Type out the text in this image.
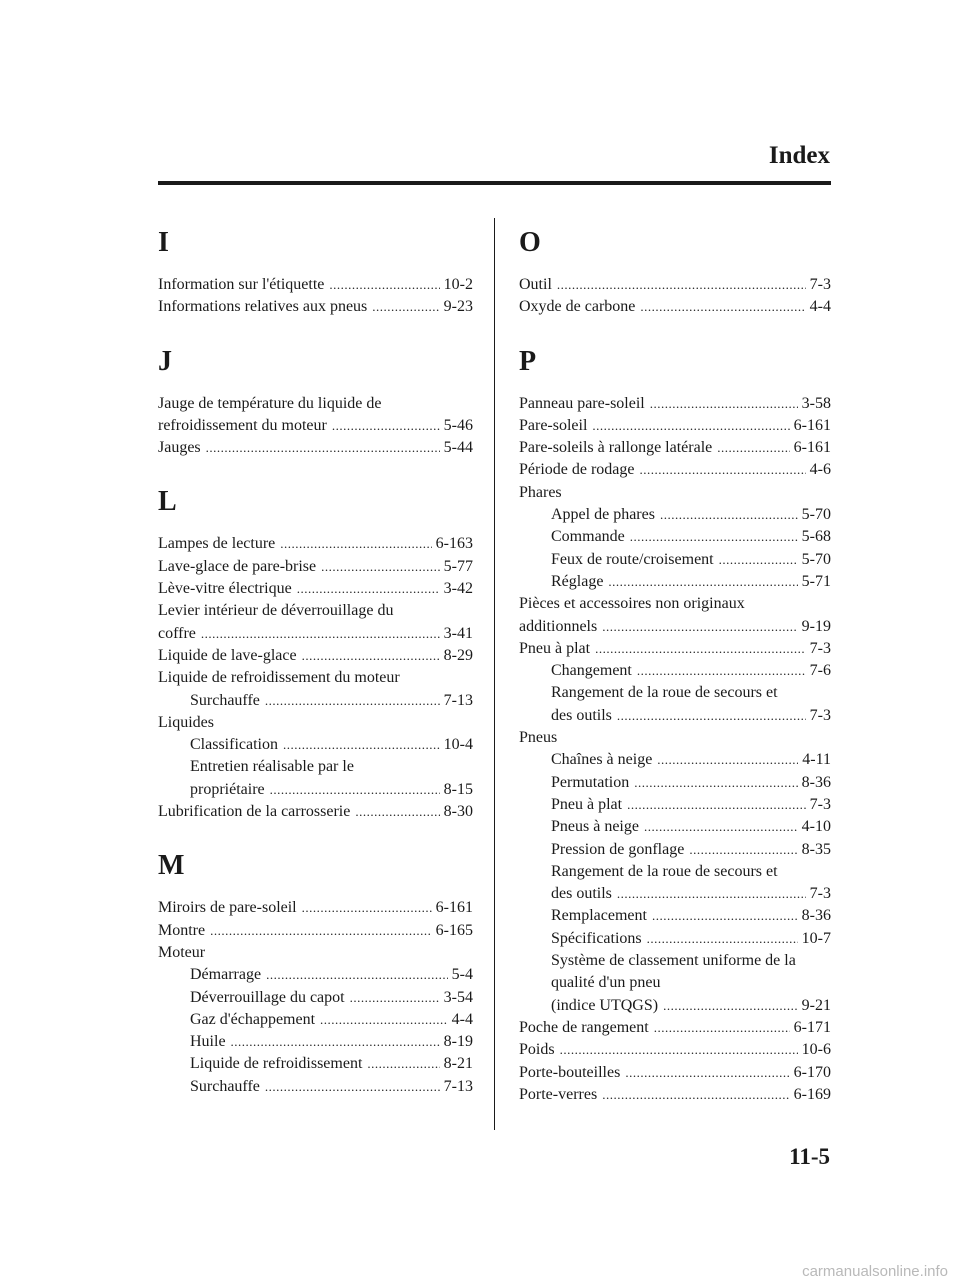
Index
I
Information sur l'étiquette .....	10-2
Informations relatives aux pneus .....	9-23
J
Jauge de température du liquide de
refroidissement du moteur .....	5-46
Jauges .....	5-44
L
Lampes de lecture .....	6-163
Lave-glace de pare-brise .....	5-77
Lève-vitre électrique .....	3-42
Levier intérieur de déverrouillage du
coffre .....	3-41
Liquide de lave-glace .....	8-29
Liquide de refroidissement du moteur
Surchauffe .....	7-13
Liquides
Classification .....	10-4
Entretien réalisable par le
propriétaire .....	8-15
Lubrification de la carrosserie .....	8-30
M
Miroirs de pare-soleil .....	6-161
Montre .....	6-165
Moteur
Démarrage .....	5-4
Déverrouillage du capot .....	3-54
Gaz d'échappement .....	4-4
Huile .....	8-19
Liquide de refroidissement .....	8-21
Surchauffe .....	7-13
O
Outil .....	7-3
Oxyde de carbone .....	4-4
P
Panneau pare-soleil .....	3-58
Pare-soleil .....	6-161
Pare-soleils à rallonge latérale .....	6-161
Période de rodage .....	4-6
Phares
Appel de phares .....	5-70
Commande .....	5-68
Feux de route/croisement .....	5-70
Réglage .....	5-71
Pièces et accessoires non originaux
additionnels .....	9-19
Pneu à plat .....	7-3
Changement .....	7-6
Rangement de la roue de secours et
des outils .....	7-3
Pneus
Chaînes à neige .....	4-11
Permutation .....	8-36
Pneu à plat .....	7-3
Pneus à neige .....	4-10
Pression de gonflage .....	8-35
Rangement de la roue de secours et
des outils .....	7-3
Remplacement .....	8-36
Spécifications .....	10-7
Système de classement uniforme de la
qualité d'un pneu
(indice UTQGS) .....	9-21
Poche de rangement .....	6-171
Poids .....	10-6
Porte-bouteilles .....	6-170
Porte-verres .....	6-169
11-5
carmanualsonline.info
